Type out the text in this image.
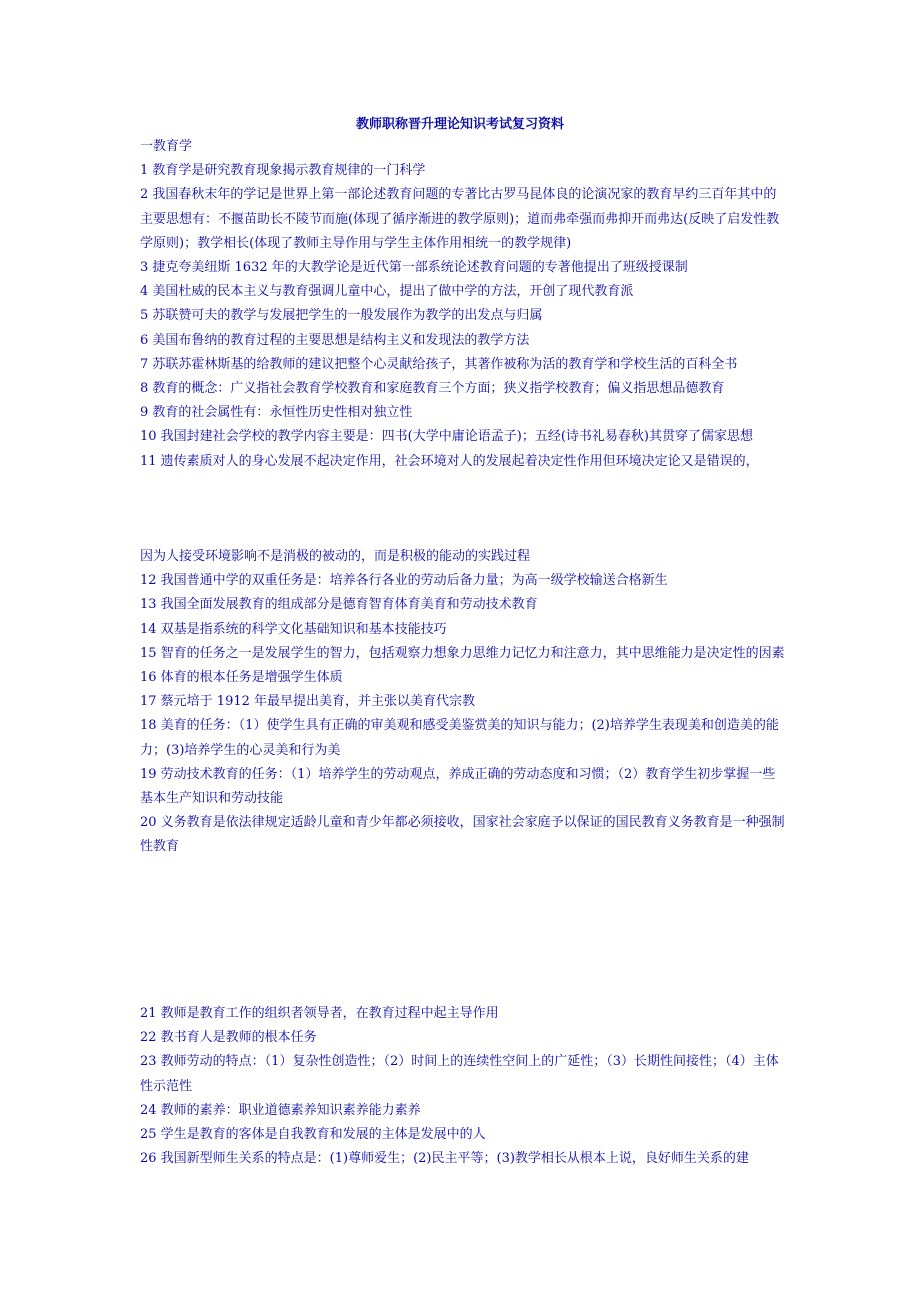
教师职称晋升理论知识考试复习资料

一教育学

1 教育学是研究教育现象揭示教育规律的一门科学

2 我国春秋末年的学记是世界上第一部论述教育问题的专著比古罗马昆体良的论演况家的教育早约三百年其中的主要思想有：不揠苗助长不陵节而施(体现了循序渐进的教学原则)；道而弗牵强而弗抑开而弗达(反映了启发性教学原则)；教学相长(体现了教师主导作用与学生主体作用相统一的教学规律)

3 捷克夸美纽斯 1632 年的大教学论是近代第一部系统论述教育问题的专著他提出了班级授课制

4 美国杜威的民本主义与教育强调儿童中心，提出了做中学的方法，开创了现代教育派

5 苏联赞可夫的教学与发展把学生的一般发展作为教学的出发点与归属

6 美国布鲁纳的教育过程的主要思想是结构主义和发现法的教学方法

7 苏联苏霍林斯基的给教师的建议把整个心灵献给孩子，其著作被称为活的教育学和学校生活的百科全书

8 教育的概念：广义指社会教育学校教育和家庭教育三个方面；狭义指学校教育；偏义指思想品德教育

9 教育的社会属性有：永恒性历史性相对独立性

10 我国封建社会学校的教学内容主要是：四书(大学中庸论语孟子)；五经(诗书礼易春秋)其贯穿了儒家思想

11 遗传素质对人的身心发展不起决定作用，社会环境对人的发展起着决定性作用但环境决定论又是错误的，

因为人接受环境影响不是消极的被动的，而是积极的能动的实践过程

12 我国普通中学的双重任务是：培养各行各业的劳动后备力量；为高一级学校输送合格新生

13 我国全面发展教育的组成部分是德育智育体育美育和劳动技术教育

14 双基是指系统的科学文化基础知识和基本技能技巧

15 智育的任务之一是发展学生的智力，包括观察力想象力思维力记忆力和注意力，其中思维能力是决定性的因素

16 体育的根本任务是增强学生体质

17 蔡元培于 1912 年最早提出美育，并主张以美育代宗教

18 美育的任务：（1）使学生具有正确的审美观和感受美鉴赏美的知识与能力；(2)培养学生表现美和创造美的能力；(3)培养学生的心灵美和行为美

19 劳动技术教育的任务：（1）培养学生的劳动观点，养成正确的劳动态度和习惯；（2）教育学生初步掌握一些基本生产知识和劳动技能

20 义务教育是依法律规定适龄儿童和青少年都必须接收，国家社会家庭予以保证的国民教育义务教育是一种强制性教育

21 教师是教育工作的组织者领导者，在教育过程中起主导作用

22 教书育人是教师的根本任务

23 教师劳动的特点：（1）复杂性创造性；（2）时间上的连续性空间上的广延性；（3）长期性间接性；（4）主体性示范性

24 教师的素养：职业道德素养知识素养能力素养

25 学生是教育的客体是自我教育和发展的主体是发展中的人

26 我国新型师生关系的特点是：(1)尊师爱生；(2)民主平等；(3)教学相长从根本上说，良好师生关系的建
